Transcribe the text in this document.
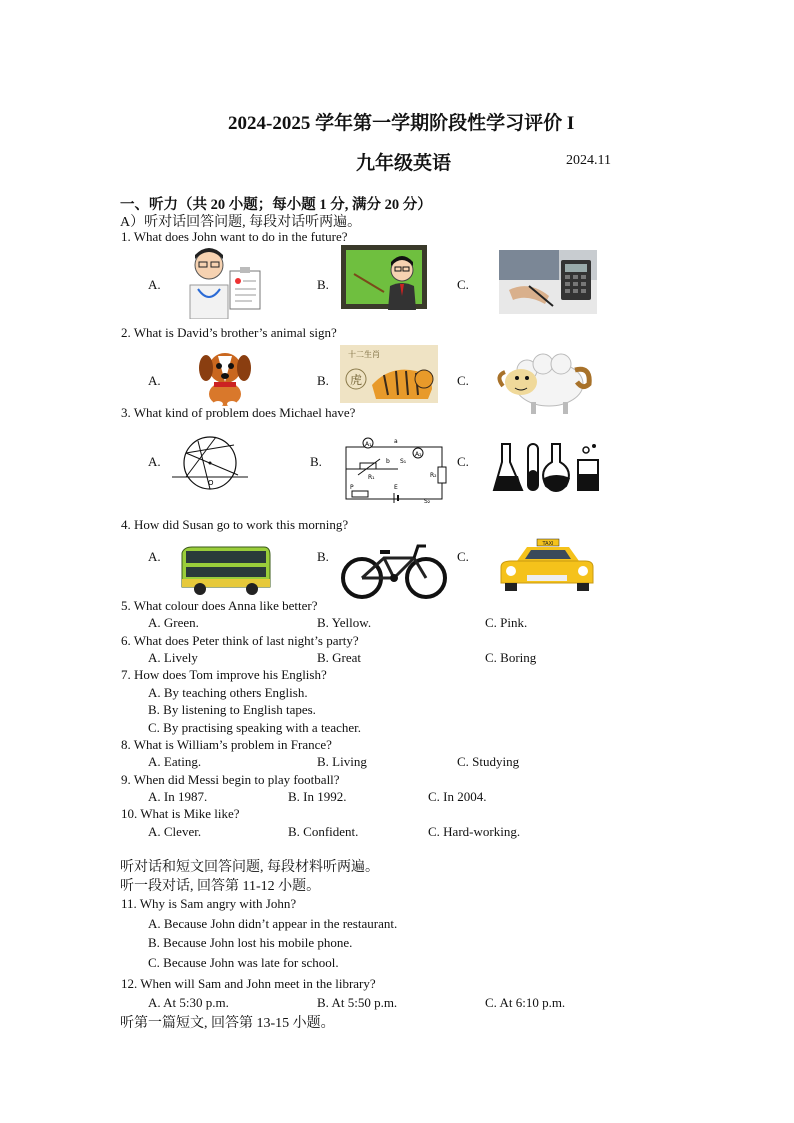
2024-2025 学年第一学期阶段性学习评价 I
九年级英语	2024.11
一、听力（共 20 小题；每小题 1 分, 满分 20 分）
A）听对话回答问题, 每段对话听两遍。
1. What does John want to do in the future?
A.	B.	C.
2. What is David’s brother’s animal sign?
A.	B.	C.
虎
十二生肖
3. What kind of problem does Michael have?
A.	B.	C.
O
A₁
A₂
R₁	R₂
a
b S₁
P	E
S₂
4. How did Susan go to work this morning?
A.	B.	C.
TAXI
5. What colour does Anna like better?
A. Green.	B. Yellow.	C. Pink.
6. What does Peter think of last night’s party?
A. Lively	B. Great	C. Boring
7. How does Tom improve his English?
A. By teaching others English.
B. By listening to English tapes.
C. By practising speaking with a teacher.
8. What is William’s problem in France?
A. Eating.	B. Living	C. Studying
9. When did Messi begin to play football?
A. In 1987.	B. In 1992.	C. In 2004.
10. What is Mike like?
A. Clever.	B. Confident.	C. Hard-working.
听对话和短文回答问题, 每段材料听两遍。
听一段对话, 回答第 11-12 小题。
11. Why is Sam angry with John?
A. Because John didn’t appear in the restaurant.
B. Because John lost his mobile phone.
C. Because John was late for school.
12. When will Sam and John meet in the library?
A. At 5:30 p.m.	B. At 5:50 p.m.	C. At 6:10 p.m.
听第一篇短文, 回答第 13-15 小题。
